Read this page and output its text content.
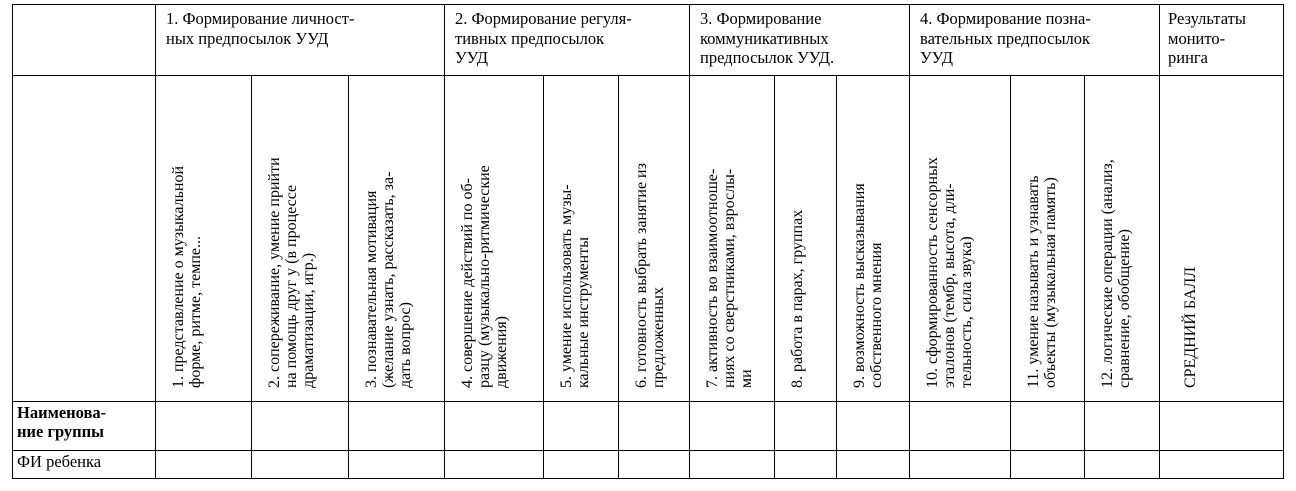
	1. Формирование личност-
ных предпосылок УУД			2. Формирование регуля-
тивных предпосылок
УУД			3. Формирование
коммуникативных
предпосылок УУД.			4. Формирование позна-
вательных предпосылок
УУД			Результаты
монито-
ринга

	1. представление о музыкальной
форме, ритме, темпе...	2. сопереживание, умение прийти
на помощь друг у (в процессе
драматизации, игр.)	3. познавательная мотивация
(желание узнать, рассказать, за-
дать вопрос)	4. совершение действий по об-
разцу (музыкально-ритмические
движения)	5. умение использовать музы-
кальные инструменты	6. готовность выбрать занятие из
предложенных	7. активность во взаимоотноше-
ниях со сверстниками, взрослы-
ми	8. работа в парах, группах	9. возможность высказывания
собственного мнения	10. сформированность сенсорных
эталонов (тембр, высота, дли-
тельность, сила звука)	11. умение называть и узнавать
объекты (музыкальная память)	12. логические операции (анализ,
сравнение, обобщение)	СРЕДНИЙ БАЛЛ

Наименова-
ние группы													
ФИ ребенка													
